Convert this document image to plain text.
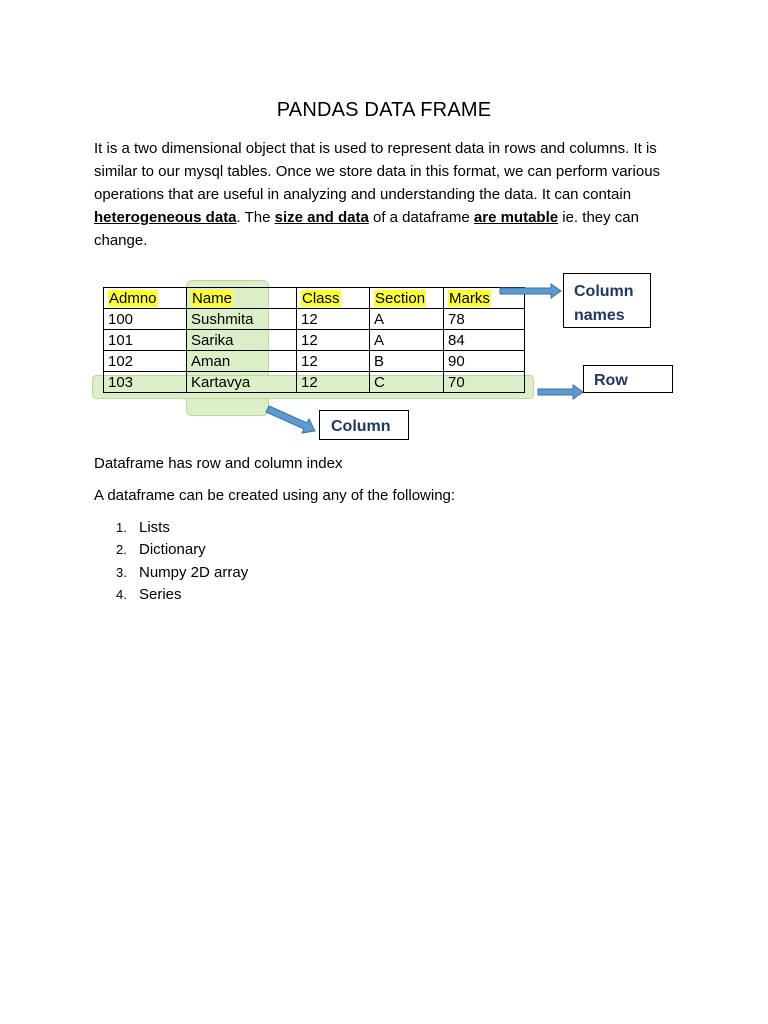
PANDAS DATA FRAME
It is a two dimensional object that is used to represent data in rows and columns. It is similar to our mysql tables. Once we store data in this format, we can perform various operations that are useful in analyzing and understanding the data. It can contain heterogeneous data. The size and data of a dataframe are mutable ie. they can change.
Admno	Name	Class	Section	Marks
100	Sushmita	12	A	78
101	Sarika	12	A	84
102	Aman	12	B	90
103	Kartavya	12	C	70
Column
names
Row
Column
Dataframe has row and column index
A dataframe can be created using any of the following:
1. Lists
2. Dictionary
3. Numpy 2D array
4. Series
